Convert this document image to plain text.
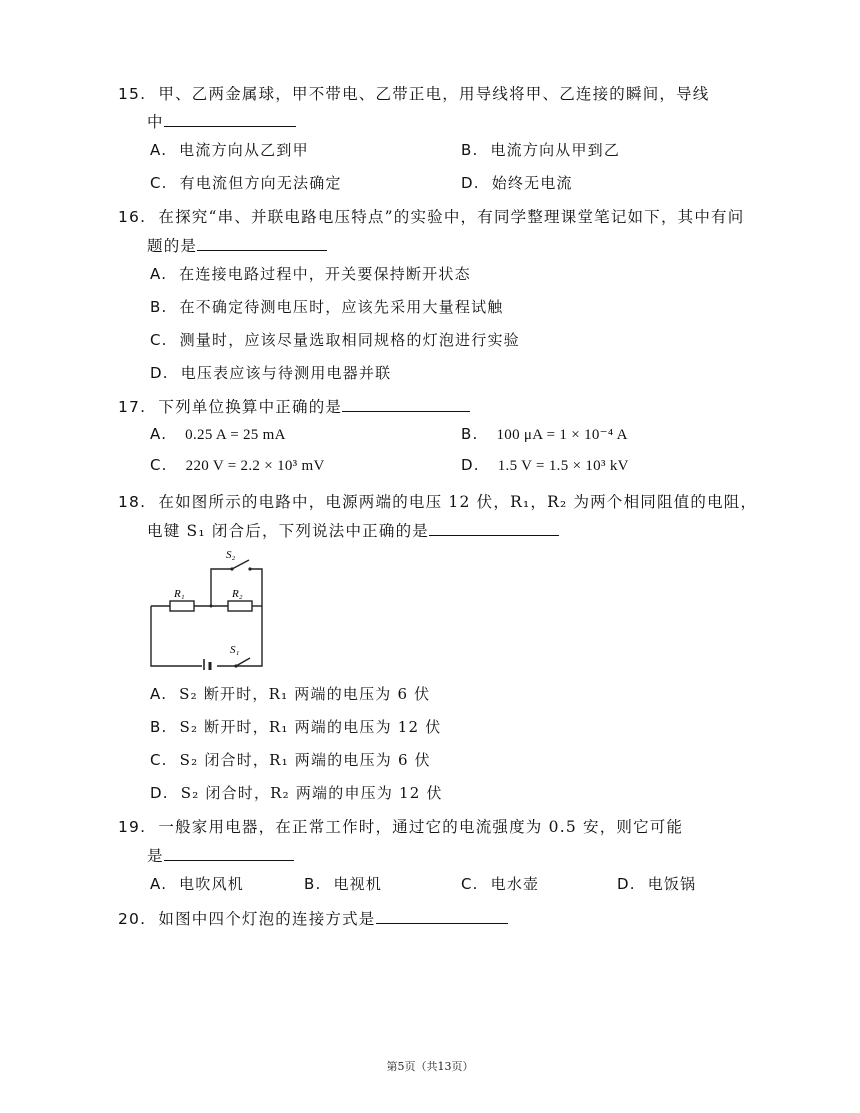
15. 甲、乙两金属球，甲不带电、乙带正电，用导线将甲、乙连接的瞬间，导线
中
A. 电流方向从乙到甲	B. 电流方向从甲到乙
C. 有电流但方向无法确定	D. 始终无电流
16. 在探究“串、并联电路电压特点”的实验中，有同学整理课堂笔记如下，其中有问
题的是
A. 在连接电路过程中，开关要保持断开状态
B. 在不确定待测电压时，应该先采用大量程试触
C. 测量时，应该尽量选取相同规格的灯泡进行实验
D. 电压表应该与待测用电器并联
17. 下列单位换算中正确的是
A. 0.25 A = 25 mA	B. 100 μA = 1 × 10⁻⁴ A
C. 220 V = 2.2 × 10³ mV	D. 1.5 V = 1.5 × 10³ kV
18. 在如图所示的电路中，电源两端的电压 12 伏，R₁，R₂ 为两个相同阻值的电阻，
电键 S₁ 闭合后，下列说法中正确的是
S₂
R₁	R₂
S₁
A. S₂ 断开时，R₁ 两端的电压为 6 伏
B. S₂ 断开时，R₁ 两端的电压为 12 伏
C. S₂ 闭合时，R₁ 两端的电压为 6 伏
D. S₂ 闭合时，R₂ 两端的申压为 12 伏
19. 一般家用电器，在正常工作时，通过它的电流强度为 0.5 安，则它可能
是
A. 电吹风机	B. 电视机	C. 电水壶	D. 电饭锅
20. 如图中四个灯泡的连接方式是
第5页（共13页）
